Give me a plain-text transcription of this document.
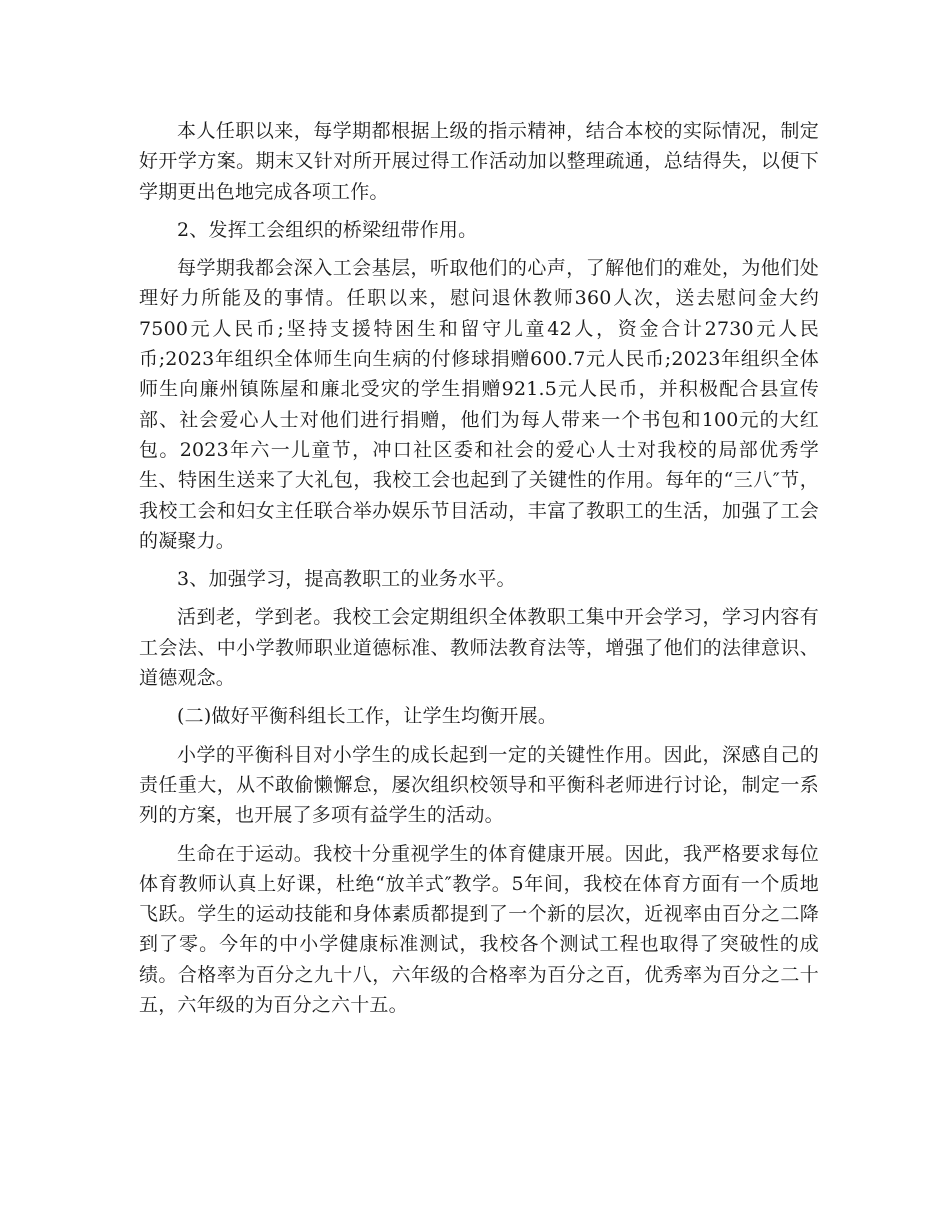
本人任职以来，每学期都根据上级的指示精神，结合本校的实际情况，制定好开学方案。期末又针对所开展过得工作活动加以整理疏通，总结得失，以便下学期更出色地完成各项工作。

2、发挥工会组织的桥梁纽带作用。

每学期我都会深入工会基层，听取他们的心声，了解他们的难处，为他们处理好力所能及的事情。任职以来，慰问退休教师360人次，送去慰问金大约7500元人民币;坚持支援特困生和留守儿童42人，资金合计2730元人民币;2023年组织全体师生向生病的付修球捐赠600.7元人民币;2023年组织全体师生向廉州镇陈屋和廉北受灾的学生捐赠921.5元人民币，并积极配合县宣传部、社会爱心人士对他们进行捐赠，他们为每人带来一个书包和100元的大红包。2023年六一儿童节，冲口社区委和社会的爱心人士对我校的局部优秀学生、特困生送来了大礼包，我校工会也起到了关键性的作用。每年的“三八″节，我校工会和妇女主任联合举办娱乐节目活动，丰富了教职工的生活，加强了工会的凝聚力。

3、加强学习，提高教职工的业务水平。

活到老，学到老。我校工会定期组织全体教职工集中开会学习，学习内容有工会法、中小学教师职业道德标准、教师法教育法等，增强了他们的法律意识、道德观念。

(二)做好平衡科组长工作，让学生均衡开展。

小学的平衡科目对小学生的成长起到一定的关键性作用。因此，深感自己的责任重大，从不敢偷懒懈怠，屡次组织校领导和平衡科老师进行讨论，制定一系列的方案，也开展了多项有益学生的活动。

生命在于运动。我校十分重视学生的体育健康开展。因此，我严格要求每位体育教师认真上好课，杜绝“放羊式″教学。5年间，我校在体育方面有一个质地飞跃。学生的运动技能和身体素质都提到了一个新的层次，近视率由百分之二降到了零。今年的中小学健康标准测试，我校各个测试工程也取得了突破性的成绩。合格率为百分之九十八，六年级的合格率为百分之百，优秀率为百分之二十五，六年级的为百分之六十五。
